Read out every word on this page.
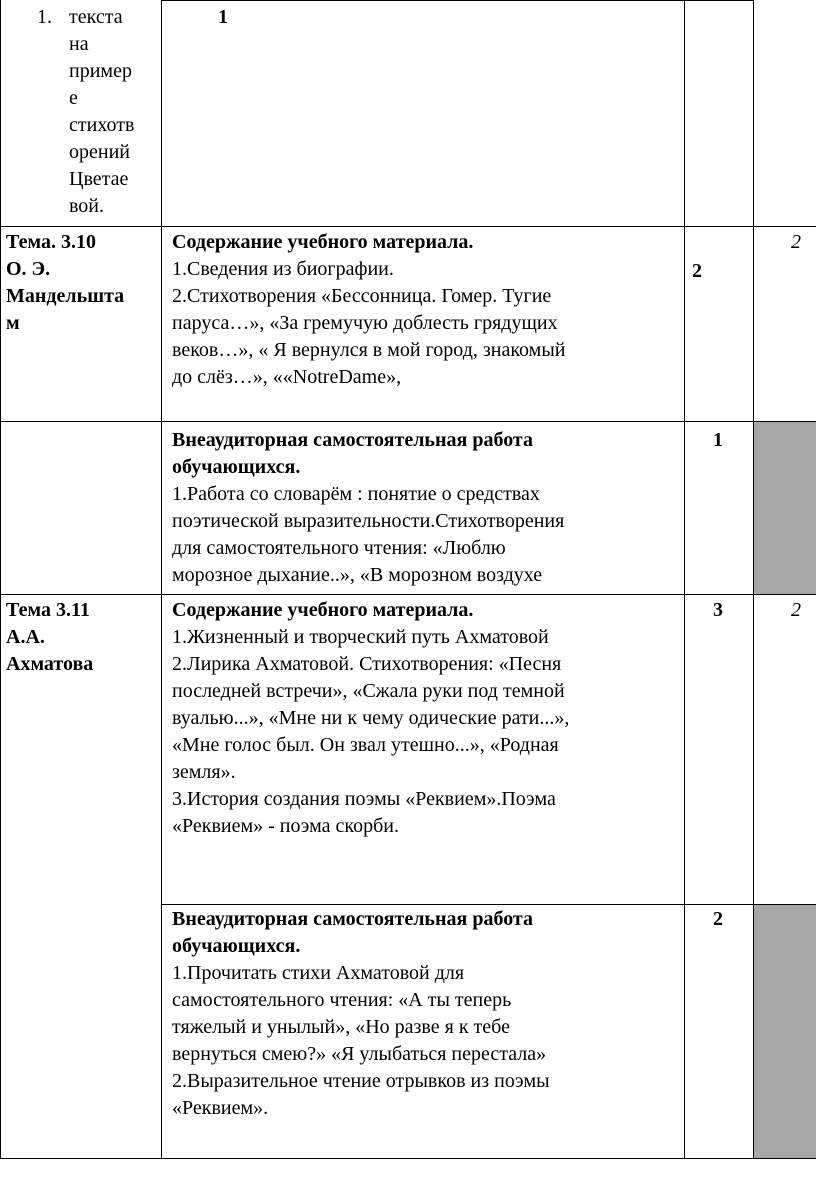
1. текста
на
пример
е
стихотв
орений
Цветае
вой.
1
Тема. 3.10
О. Э.
Мандельшта
м
Содержание учебного материала.
1.Сведения из биографии.
2.Стихотворения «Бессонница. Гомер. Тугие
паруса…», «За гремучую доблесть грядущих
веков…», « Я вернулся в мой город, знакомый
до слёз…», ««NotreDame»,
2
2
Внеаудиторная самостоятельная работа
обучающихся.
1.Работа со словарём : понятие о средствах
поэтической выразительности.Стихотворения
для самостоятельного чтения: «Люблю
морозное дыхание..», «В морозном воздухе
1
Тема 3.11
А.А.
Ахматова
Содержание учебного материала.
1.Жизненный и творческий путь Ахматовой
2.Лирика Ахматовой. Стихотворения: «Песня
последней встречи», «Сжала руки под темной
вуалью...», «Мне ни к чему одические рати...»,
«Мне голос был. Он звал утешно...», «Родная
земля».
3.История создания поэмы «Реквием».Поэма
«Реквием» - поэма скорби.
3	2
Внеаудиторная самостоятельная работа
обучающихся.
1.Прочитать стихи Ахматовой для
самостоятельного чтения: «А ты теперь
тяжелый и унылый», «Но разве я к тебе
вернуться смею?» «Я улыбаться перестала»
2.Выразительное чтение отрывков из поэмы
«Реквием».
2
